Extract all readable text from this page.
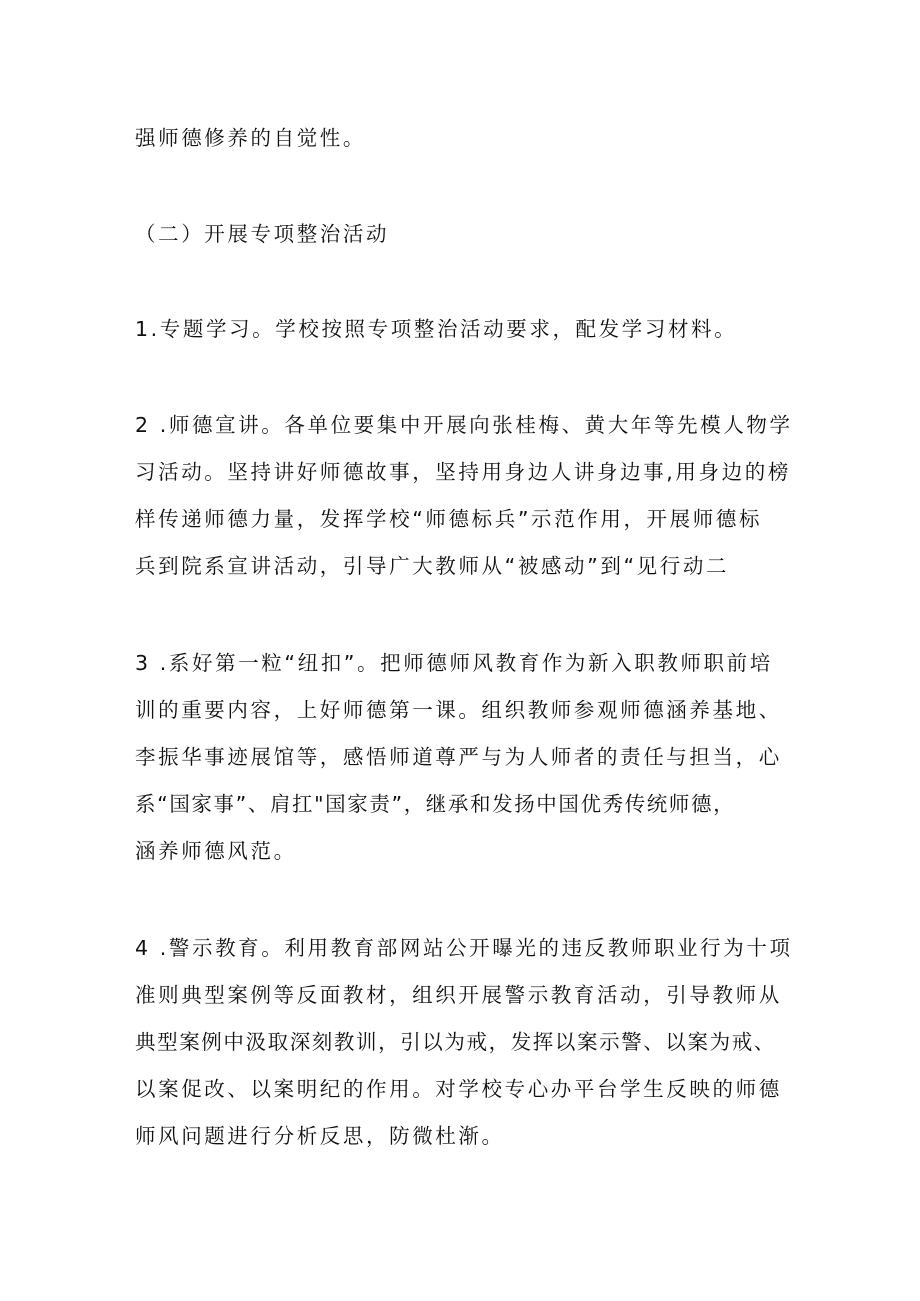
强师德修养的自觉性。
（二）开展专项整治活动
1.专题学习。学校按照专项整治活动要求，配发学习材料。
2 .师德宣讲。各单位要集中开展向张桂梅、黄大年等先模人物学
习活动。坚持讲好师德故事，坚持用身边人讲身边事,用身边的榜
样传递师德力量，发挥学校“师德标兵”示范作用，开展师德标
兵到院系宣讲活动，引导广大教师从“被感动”到“见行动二
3 .系好第一粒“纽扣”。把师德师风教育作为新入职教师职前培
训的重要内容，上好师德第一课。组织教师参观师德涵养基地、
李振华事迹展馆等，感悟师道尊严与为人师者的责任与担当，心
系“国家事”、肩扛"国家责”，继承和发扬中国优秀传统师德，
涵养师德风范。
4 .警示教育。利用教育部网站公开曝光的违反教师职业行为十项
准则典型案例等反面教材，组织开展警示教育活动，引导教师从
典型案例中汲取深刻教训，引以为戒，发挥以案示警、以案为戒、
以案促改、以案明纪的作用。对学校专心办平台学生反映的师德
师风问题进行分析反思，防微杜渐。
